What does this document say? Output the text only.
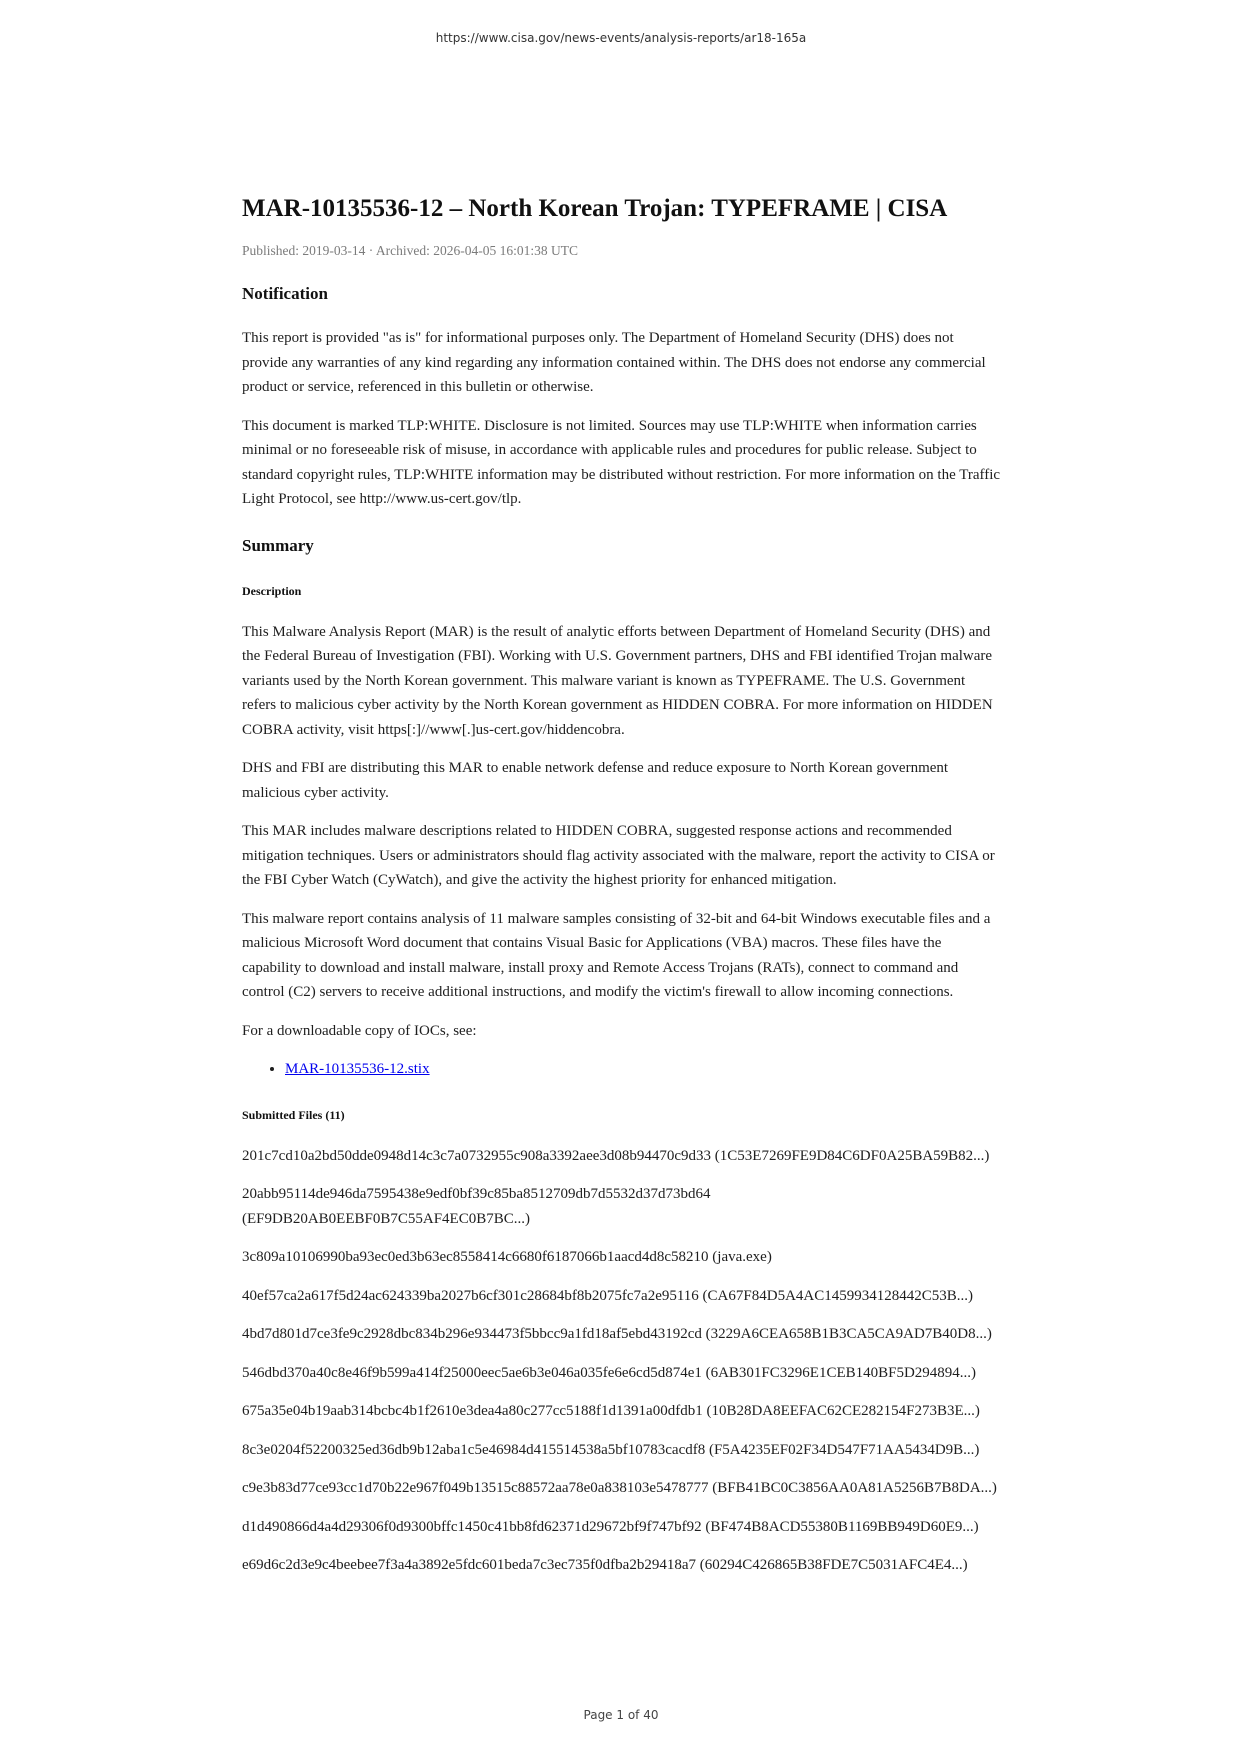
https://www.cisa.gov/news-events/analysis-reports/ar18-165a
MAR-10135536-12 – North Korean Trojan: TYPEFRAME | CISA
Published: 2019-03-14 · Archived: 2026-04-05 16:01:38 UTC
Notification

This report is provided "as is" for informational purposes only. The Department of Homeland Security (DHS) does not provide any warranties of any kind regarding any information contained within. The DHS does not endorse any commercial product or service, referenced in this bulletin or otherwise.

This document is marked TLP:WHITE. Disclosure is not limited. Sources may use TLP:WHITE when information carries minimal or no foreseeable risk of misuse, in accordance with applicable rules and procedures for public release. Subject to standard copyright rules, TLP:WHITE information may be distributed without restriction. For more information on the Traffic Light Protocol, see http://www.us-cert.gov/tlp.

Summary
Description

This Malware Analysis Report (MAR) is the result of analytic efforts between Department of Homeland Security (DHS) and the Federal Bureau of Investigation (FBI). Working with U.S. Government partners, DHS and FBI identified Trojan malware variants used by the North Korean government. This malware variant is known as TYPEFRAME. The U.S. Government refers to malicious cyber activity by the North Korean government as HIDDEN COBRA. For more information on HIDDEN COBRA activity, visit https[:]//www[.]us-cert.gov/hiddencobra.

DHS and FBI are distributing this MAR to enable network defense and reduce exposure to North Korean government malicious cyber activity.

This MAR includes malware descriptions related to HIDDEN COBRA, suggested response actions and recommended mitigation techniques. Users or administrators should flag activity associated with the malware, report the activity to CISA or the FBI Cyber Watch (CyWatch), and give the activity the highest priority for enhanced mitigation.

This malware report contains analysis of 11 malware samples consisting of 32-bit and 64-bit Windows executable files and a malicious Microsoft Word document that contains Visual Basic for Applications (VBA) macros. These files have the capability to download and install malware, install proxy and Remote Access Trojans (RATs), connect to command and control (C2) servers to receive additional instructions, and modify the victim's firewall to allow incoming connections.

For a downloadable copy of IOCs, see:

• MAR-10135536-12.stix
Submitted Files (11)

201c7cd10a2bd50dde0948d14c3c7a0732955c908a3392aee3d08b94470c9d33 (1C53E7269FE9D84C6DF0A25BA59B82...)

20abb95114de946da7595438e9edf0bf39c85ba8512709db7d5532d37d73bd64 (EF9DB20AB0EEBF0B7C55AF4EC0B7BC...)

3c809a10106990ba93ec0ed3b63ec8558414c6680f6187066b1aacd4d8c58210 (java.exe)

40ef57ca2a617f5d24ac624339ba2027b6cf301c28684bf8b2075fc7a2e95116 (CA67F84D5A4AC1459934128442C53B...)

4bd7d801d7ce3fe9c2928dbc834b296e934473f5bbcc9a1fd18af5ebd43192cd (3229A6CEA658B1B3CA5CA9AD7B40D8...)

546dbd370a40c8e46f9b599a414f25000eec5ae6b3e046a035fe6e6cd5d874e1 (6AB301FC3296E1CEB140BF5D294894...)

675a35e04b19aab314bcbc4b1f2610e3dea4a80c277cc5188f1d1391a00dfdb1 (10B28DA8EEFAC62CE282154F273B3E...)

8c3e0204f52200325ed36db9b12aba1c5e46984d415514538a5bf10783cacdf8 (F5A4235EF02F34D547F71AA5434D9B...)

c9e3b83d77ce93cc1d70b22e967f049b13515c88572aa78e0a838103e5478777 (BFB41BC0C3856AA0A81A5256B7B8DA...)

d1d490866d4a4d29306f0d9300bffc1450c41bb8fd62371d29672bf9f747bf92 (BF474B8ACD55380B1169BB949D60E9...)

e69d6c2d3e9c4beebee7f3a4a3892e5fdc601beda7c3ec735f0dfba2b29418a7 (60294C426865B38FDE7C5031AFC4E4...)

Page 1 of 40
